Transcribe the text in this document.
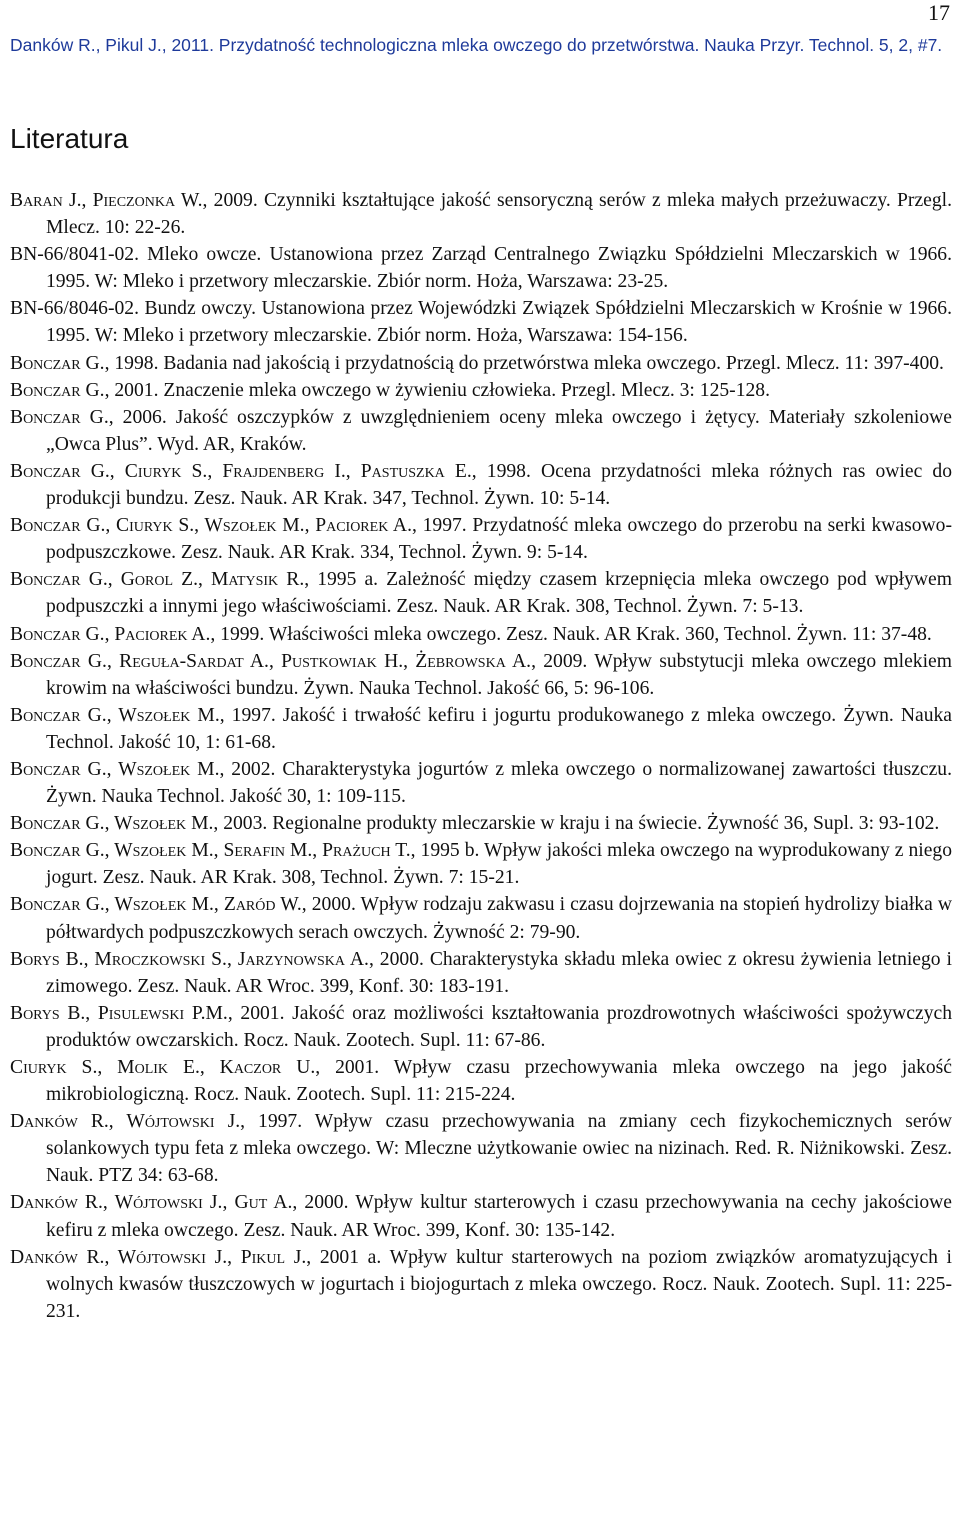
17
Danków R., Pikul J., 2011. Przydatność technologiczna mleka owczego do przetwórstwa. Nauka Przyr. Technol. 5, 2, #7.
Literatura
Baran J., Pieczonka W., 2009. Czynniki kształtujące jakość sensoryczną serów z mleka małych przeżuwaczy. Przegl. Mlecz. 10: 22-26.
BN-66/8041-02. Mleko owcze. Ustanowiona przez Zarząd Centralnego Związku Spółdzielni Mleczarskich w 1966. 1995. W: Mleko i przetwory mleczarskie. Zbiór norm. Hoża, Warszawa: 23-25.
BN-66/8046-02. Bundz owczy. Ustanowiona przez Wojewódzki Związek Spółdzielni Mleczarskich w Krośnie w 1966. 1995. W: Mleko i przetwory mleczarskie. Zbiór norm. Hoża, Warszawa: 154-156.
Bonczar G., 1998. Badania nad jakością i przydatnością do przetwórstwa mleka owczego. Przegl. Mlecz. 11: 397-400.
Bonczar G., 2001. Znaczenie mleka owczego w żywieniu człowieka. Przegl. Mlecz. 3: 125-128.
Bonczar G., 2006. Jakość oszczypków z uwzględnieniem oceny mleka owczego i żętycy. Materiały szkoleniowe „Owca Plus”. Wyd. AR, Kraków.
Bonczar G., Ciuryk S., Frajdenberg I., Pastuszka E., 1998. Ocena przydatności mleka różnych ras owiec do produkcji bundzu. Zesz. Nauk. AR Krak. 347, Technol. Żywn. 10: 5-14.
Bonczar G., Ciuryk S., Wszołek M., Paciorek A., 1997. Przydatność mleka owczego do przerobu na serki kwasowo-podpuszczkowe. Zesz. Nauk. AR Krak. 334, Technol. Żywn. 9: 5-14.
Bonczar G., Gorol Z., Matysik R., 1995 a. Zależność między czasem krzepnięcia mleka owczego pod wpływem podpuszczki a innymi jego właściwościami. Zesz. Nauk. AR Krak. 308, Technol. Żywn. 7: 5-13.
Bonczar G., Paciorek A., 1999. Właściwości mleka owczego. Zesz. Nauk. AR Krak. 360, Technol. Żywn. 11: 37-48.
Bonczar G., Reguła-Sardat A., Pustkowiak H., Żebrowska A., 2009. Wpływ substytucji mleka owczego mlekiem krowim na właściwości bundzu. Żywn. Nauka Technol. Jakość 66, 5: 96-106.
Bonczar G., Wszołek M., 1997. Jakość i trwałość kefiru i jogurtu produkowanego z mleka owczego. Żywn. Nauka Technol. Jakość 10, 1: 61-68.
Bonczar G., Wszołek M., 2002. Charakterystyka jogurtów z mleka owczego o normalizowanej zawartości tłuszczu. Żywn. Nauka Technol. Jakość 30, 1: 109-115.
Bonczar G., Wszołek M., 2003. Regionalne produkty mleczarskie w kraju i na świecie. Żywność 36, Supl. 3: 93-102.
Bonczar G., Wszołek M., Serafin M., Prażuch T., 1995 b. Wpływ jakości mleka owczego na wyprodukowany z niego jogurt. Zesz. Nauk. AR Krak. 308, Technol. Żywn. 7: 15-21.
Bonczar G., Wszołek M., Zaród W., 2000. Wpływ rodzaju zakwasu i czasu dojrzewania na stopień hydrolizy białka w półtwardych podpuszczkowych serach owczych. Żywność 2: 79-90.
Borys B., Mroczkowski S., Jarzynowska A., 2000. Charakterystyka składu mleka owiec z okresu żywienia letniego i zimowego. Zesz. Nauk. AR Wroc. 399, Konf. 30: 183-191.
Borys B., Pisulewski P.M., 2001. Jakość oraz możliwości kształtowania prozdrowotnych właściwości spożywczych produktów owczarskich. Rocz. Nauk. Zootech. Supl. 11: 67-86.
Ciuryk S., Molik E., Kaczor U., 2001. Wpływ czasu przechowywania mleka owczego na jego jakość mikrobiologiczną. Rocz. Nauk. Zootech. Supl. 11: 215-224.
Danków R., Wójtowski J., 1997. Wpływ czasu przechowywania na zmiany cech fizykochemicznych serów solankowych typu feta z mleka owczego. W: Mleczne użytkowanie owiec na nizinach. Red. R. Niżnikowski. Zesz. Nauk. PTZ 34: 63-68.
Danków R., Wójtowski J., Gut A., 2000. Wpływ kultur starterowych i czasu przechowywania na cechy jakościowe kefiru z mleka owczego. Zesz. Nauk. AR Wroc. 399, Konf. 30: 135-142.
Danków R., Wójtowski J., Pikul J., 2001 a. Wpływ kultur starterowych na poziom związków aromatyzujących i wolnych kwasów tłuszczowych w jogurtach i biojogurtach z mleka owczego. Rocz. Nauk. Zootech. Supl. 11: 225-231.
